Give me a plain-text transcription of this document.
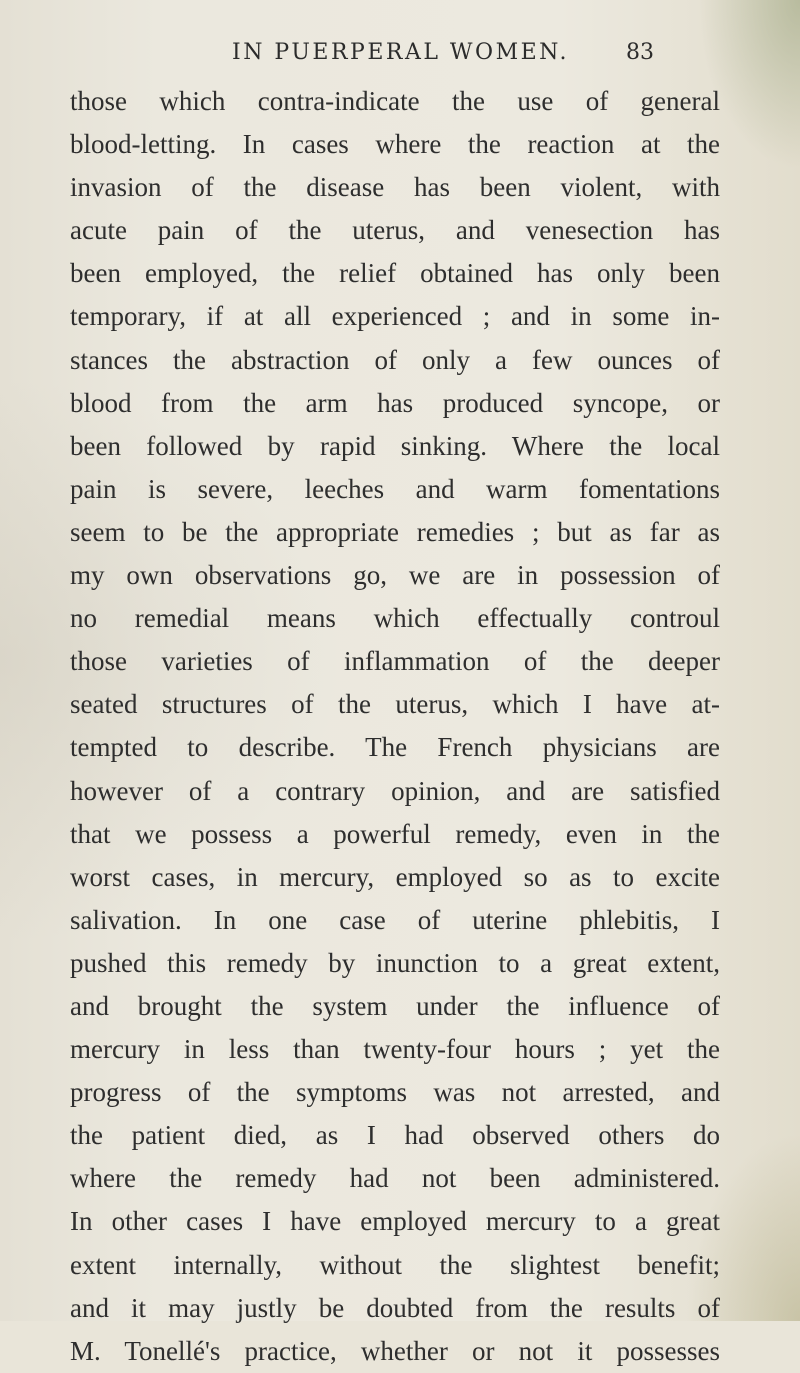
IN PUERPERAL WOMEN.	83
those which contra-indicate the use of general
blood-letting. In cases where the reaction at the
invasion of the disease has been violent, with
acute pain of the uterus, and venesection has
been employed, the relief obtained has only been
temporary, if at all experienced ; and in some in-
stances the abstraction of only a few ounces of
blood from the arm has produced syncope, or
been followed by rapid sinking. Where the local
pain is severe, leeches and warm fomentations
seem to be the appropriate remedies ; but as far as
my own observations go, we are in possession of
no remedial means which effectually controul
those varieties of inflammation of the deeper
seated structures of the uterus, which I have at-
tempted to describe. The French physicians are
however of a contrary opinion, and are satisfied
that we possess a powerful remedy, even in the
worst cases, in mercury, employed so as to excite
salivation. In one case of uterine phlebitis, I
pushed this remedy by inunction to a great extent,
and brought the system under the influence of
mercury in less than twenty-four hours ; yet the
progress of the symptoms was not arrested, and
the patient died, as I had observed others do
where the remedy had not been administered.
In other cases I have employed mercury to a great
extent internally, without the slightest benefit;
and it may justly be doubted from the results of
M. Tonellé's practice, whether or not it possesses
